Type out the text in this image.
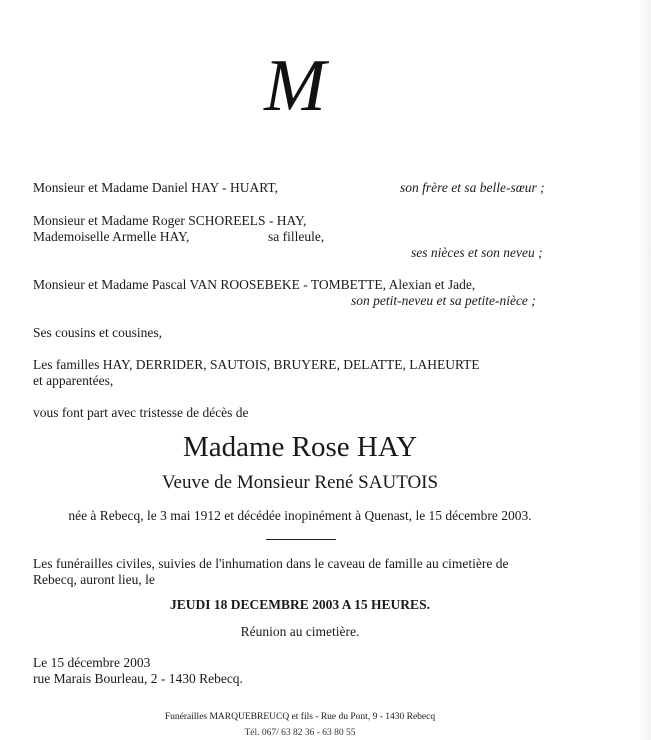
M
Monsieur et Madame Daniel HAY - HUART,	son frère et sa belle-sœur ;
Monsieur et Madame Roger SCHOREELS - HAY,
Mademoiselle Armelle HAY,	sa filleule,
ses nièces et son neveu ;
Monsieur et Madame Pascal VAN ROOSEBEKE - TOMBETTE, Alexian et Jade,
son petit-neveu et sa petite-nièce ;
Ses cousins et cousines,
Les familles HAY, DERRIDER, SAUTOIS, BRUYERE, DELATTE, LAHEURTE
et apparentées,
vous font part avec tristesse de décès de
Madame Rose HAY
Veuve de Monsieur René SAUTOIS
née à Rebecq, le 3 mai 1912 et décédée inopinément à Quenast, le 15 décembre 2003.
Les funérailles civiles, suivies de l'inhumation dans le caveau de famille au cimetière de
Rebecq, auront lieu, le
JEUDI 18 DECEMBRE 2003 A 15 HEURES.
Réunion au cimetière.
Le 15 décembre 2003
rue Marais Bourleau, 2 - 1430 Rebecq.
Funérailles MARQUEBREUCQ et fils - Rue du Pont, 9 - 1430 Rebecq
Tél. 067/ 63 82 36 - 63 80 55
